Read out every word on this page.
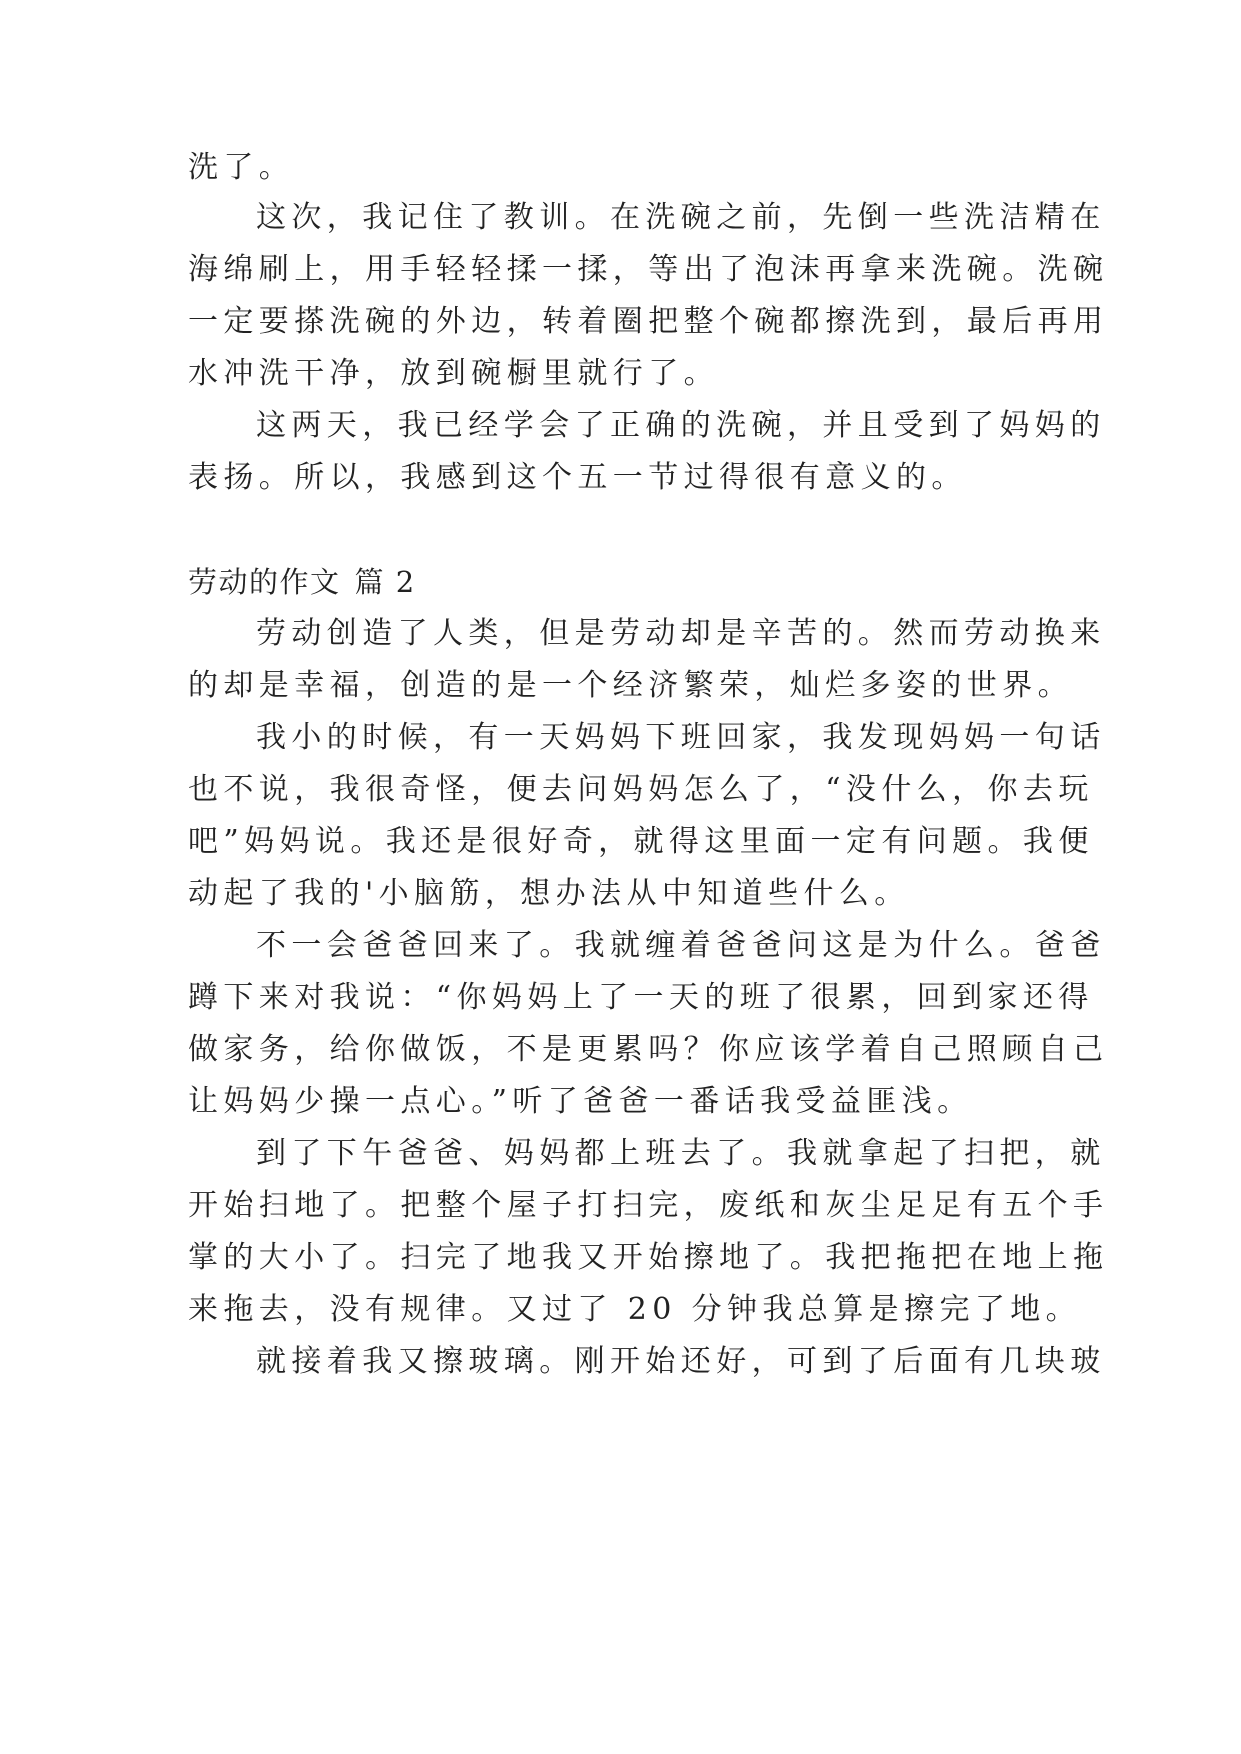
洗了。
这次，我记住了教训。在洗碗之前，先倒一些洗洁精在
海绵刷上，用手轻轻揉一揉，等出了泡沫再拿来洗碗。洗碗
一定要搽洗碗的外边，转着圈把整个碗都擦洗到，最后再用
水冲洗干净，放到碗橱里就行了。
这两天，我已经学会了正确的洗碗，并且受到了妈妈的
表扬。所以，我感到这个五一节过得很有意义的。
劳动的作文 篇 2
劳动创造了人类，但是劳动却是辛苦的。然而劳动换来
的却是幸福，创造的是一个经济繁荣，灿烂多姿的世界。
我小的时候，有一天妈妈下班回家，我发现妈妈一句话
也不说，我很奇怪，便去问妈妈怎么了，“没什么，你去玩
吧”妈妈说。我还是很好奇，就得这里面一定有问题。我便
动起了我的'小脑筋，想办法从中知道些什么。
不一会爸爸回来了。我就缠着爸爸问这是为什么。爸爸
蹲下来对我说：“你妈妈上了一天的班了很累，回到家还得
做家务，给你做饭，不是更累吗？你应该学着自己照顾自己
让妈妈少操一点心。”听了爸爸一番话我受益匪浅。
到了下午爸爸、妈妈都上班去了。我就拿起了扫把，就
开始扫地了。把整个屋子打扫完，废纸和灰尘足足有五个手
掌的大小了。扫完了地我又开始擦地了。我把拖把在地上拖
来拖去，没有规律。又过了 20 分钟我总算是擦完了地。
就接着我又擦玻璃。刚开始还好，可到了后面有几块玻
